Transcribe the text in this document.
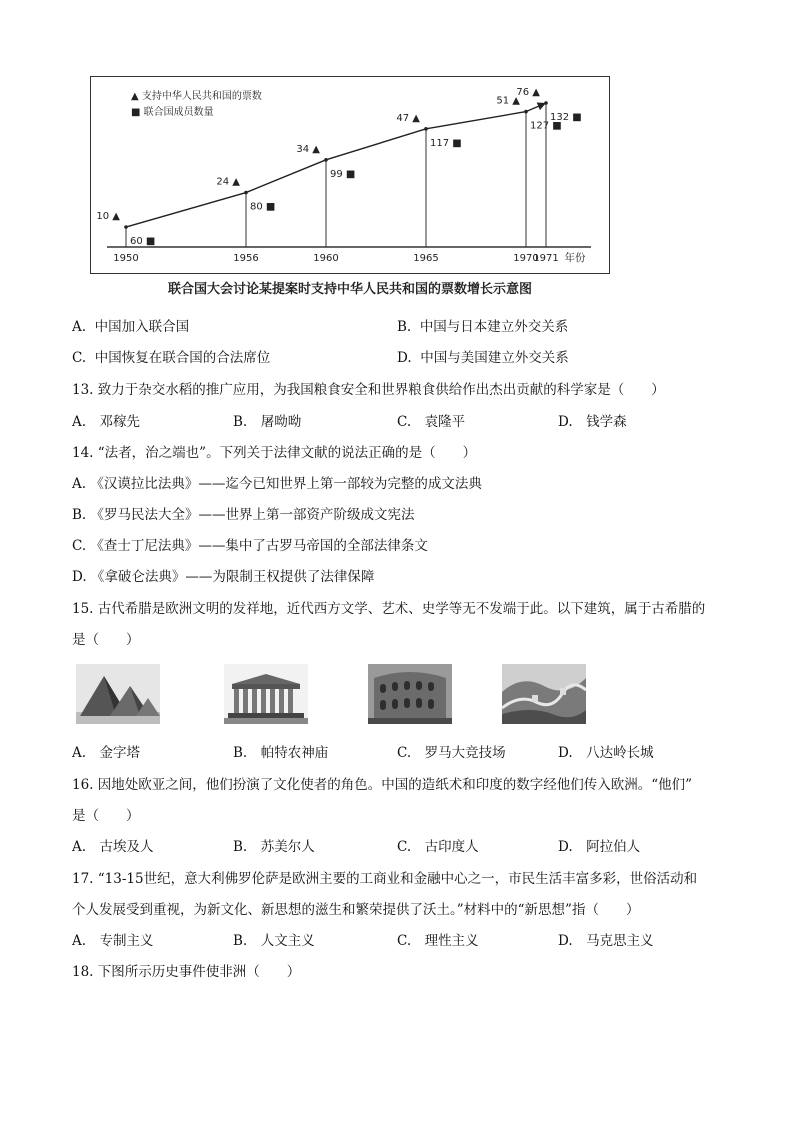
▲ 支持中华人民共和国的票数
■ 联合国成员数量
1950	1956	1960	1965	1970
1971 年份
10 ▲
60 ■
24 ▲
80 ■
34 ▲
99 ■
47 ▲
117 ■
51 ▲
127 ■
76 ▲
132 ■
联合国大会讨论某提案时支持中华人民共和国的票数增长示意图
A. 中国加入联合国	B. 中国与日本建立外交关系
C. 中国恢复在联合国的合法席位	D. 中国与美国建立外交关系
13. 致力于杂交水稻的推广应用，为我国粮食安全和世界粮食供给作出杰出贡献的科学家是（　　）
A.　邓稼先	B.　屠呦呦	C.　袁隆平	D.　钱学森
14. “法者，治之端也”。下列关于法律文献的说法正确的是（　　）
A. 《汉谟拉比法典》——迄今已知世界上第一部较为完整的成文法典
B. 《罗马民法大全》——世界上第一部资产阶级成文宪法
C. 《查士丁尼法典》——集中了古罗马帝国的全部法律条文
D. 《拿破仑法典》——为限制王权提供了法律保障
15. 古代希腊是欧洲文明的发祥地，近代西方文学、艺术、史学等无不发端于此。以下建筑，属于古希腊的
是（　　）
A.　金字塔	B.　帕特农神庙	C.　罗马大竞技场	D.　八达岭长城
16. 因地处欧亚之间，他们扮演了文化使者的角色。中国的造纸术和印度的数字经他们传入欧洲。“他们”
是（　　）
A.　古埃及人	B.　苏美尔人	C.　古印度人	D.　阿拉伯人
17. “13-15世纪，意大利佛罗伦萨是欧洲主要的工商业和金融中心之一，市民生活丰富多彩，世俗活动和
个人发展受到重视，为新文化、新思想的滋生和繁荣提供了沃土。”材料中的“新思想”指（　　）
A.　专制主义	B.　人文主义	C.　理性主义	D.　马克思主义
18. 下图所示历史事件使非洲（　　）
